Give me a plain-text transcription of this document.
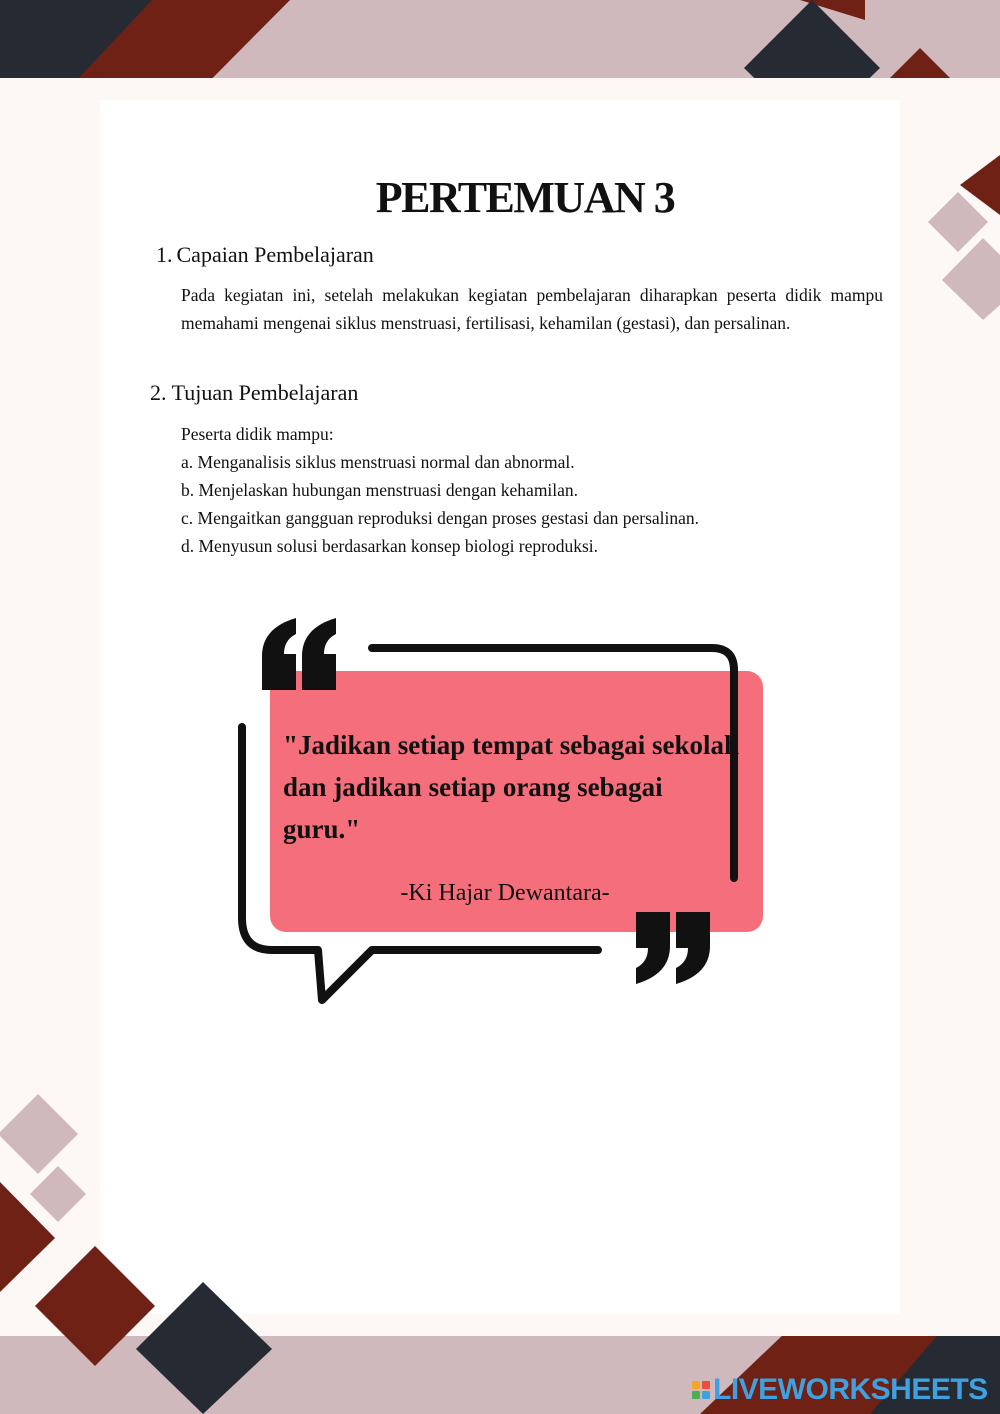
PERTEMUAN 3
1. Capaian Pembelajaran

Pada kegiatan ini, setelah melakukan kegiatan pembelajaran diharapkan peserta didik mampu memahami mengenai siklus menstruasi, fertilisasi, kehamilan (gestasi), dan persalinan.

2. Tujuan Pembelajaran
Peserta didik mampu:
a. Menganalisis siklus menstruasi normal dan abnormal.
b. Menjelaskan hubungan menstruasi dengan kehamilan.
c. Mengaitkan gangguan reproduksi dengan proses gestasi dan persalinan.
d. Menyusun solusi berdasarkan konsep biologi reproduksi.

"Jadikan setiap tempat sebagai sekolah dan jadikan setiap orang sebagai guru."

-Ki Hajar Dewantara-

LIVEWORKSHEETS
